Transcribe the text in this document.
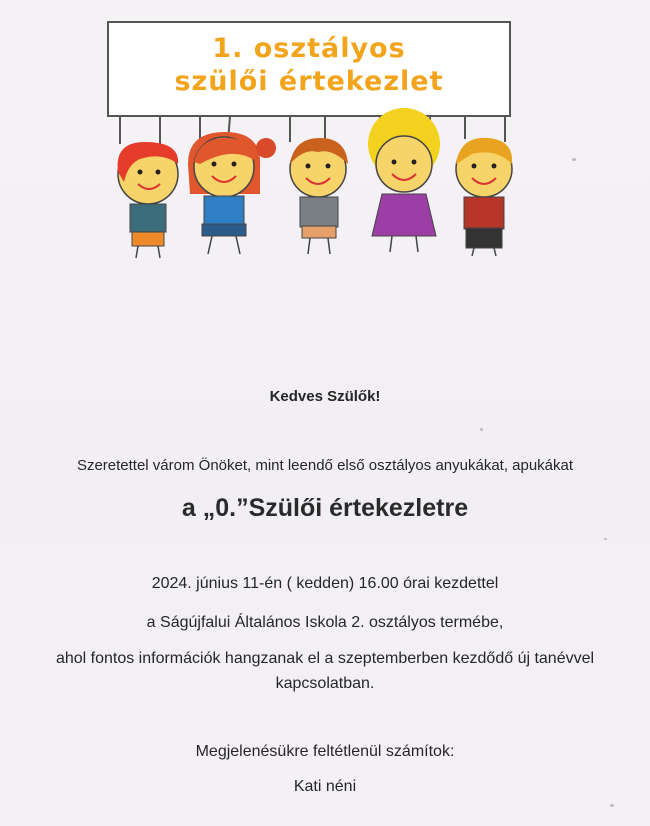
1. osztályos
szülői értekezlet
Kedves Szülők!
Szeretettel várom Önöket, mint leendő első osztályos anyukákat, apukákat
a „0.”Szülői értekezletre
2024. június 11-én ( kedden) 16.00 órai kezdettel
a Ságújfalui Általános Iskola 2. osztályos termébe,
ahol fontos információk hangzanak el a szeptemberben kezdődő új tanévvel
kapcsolatban.
Megjelenésükre feltétlenül számítok:
Kati néni
